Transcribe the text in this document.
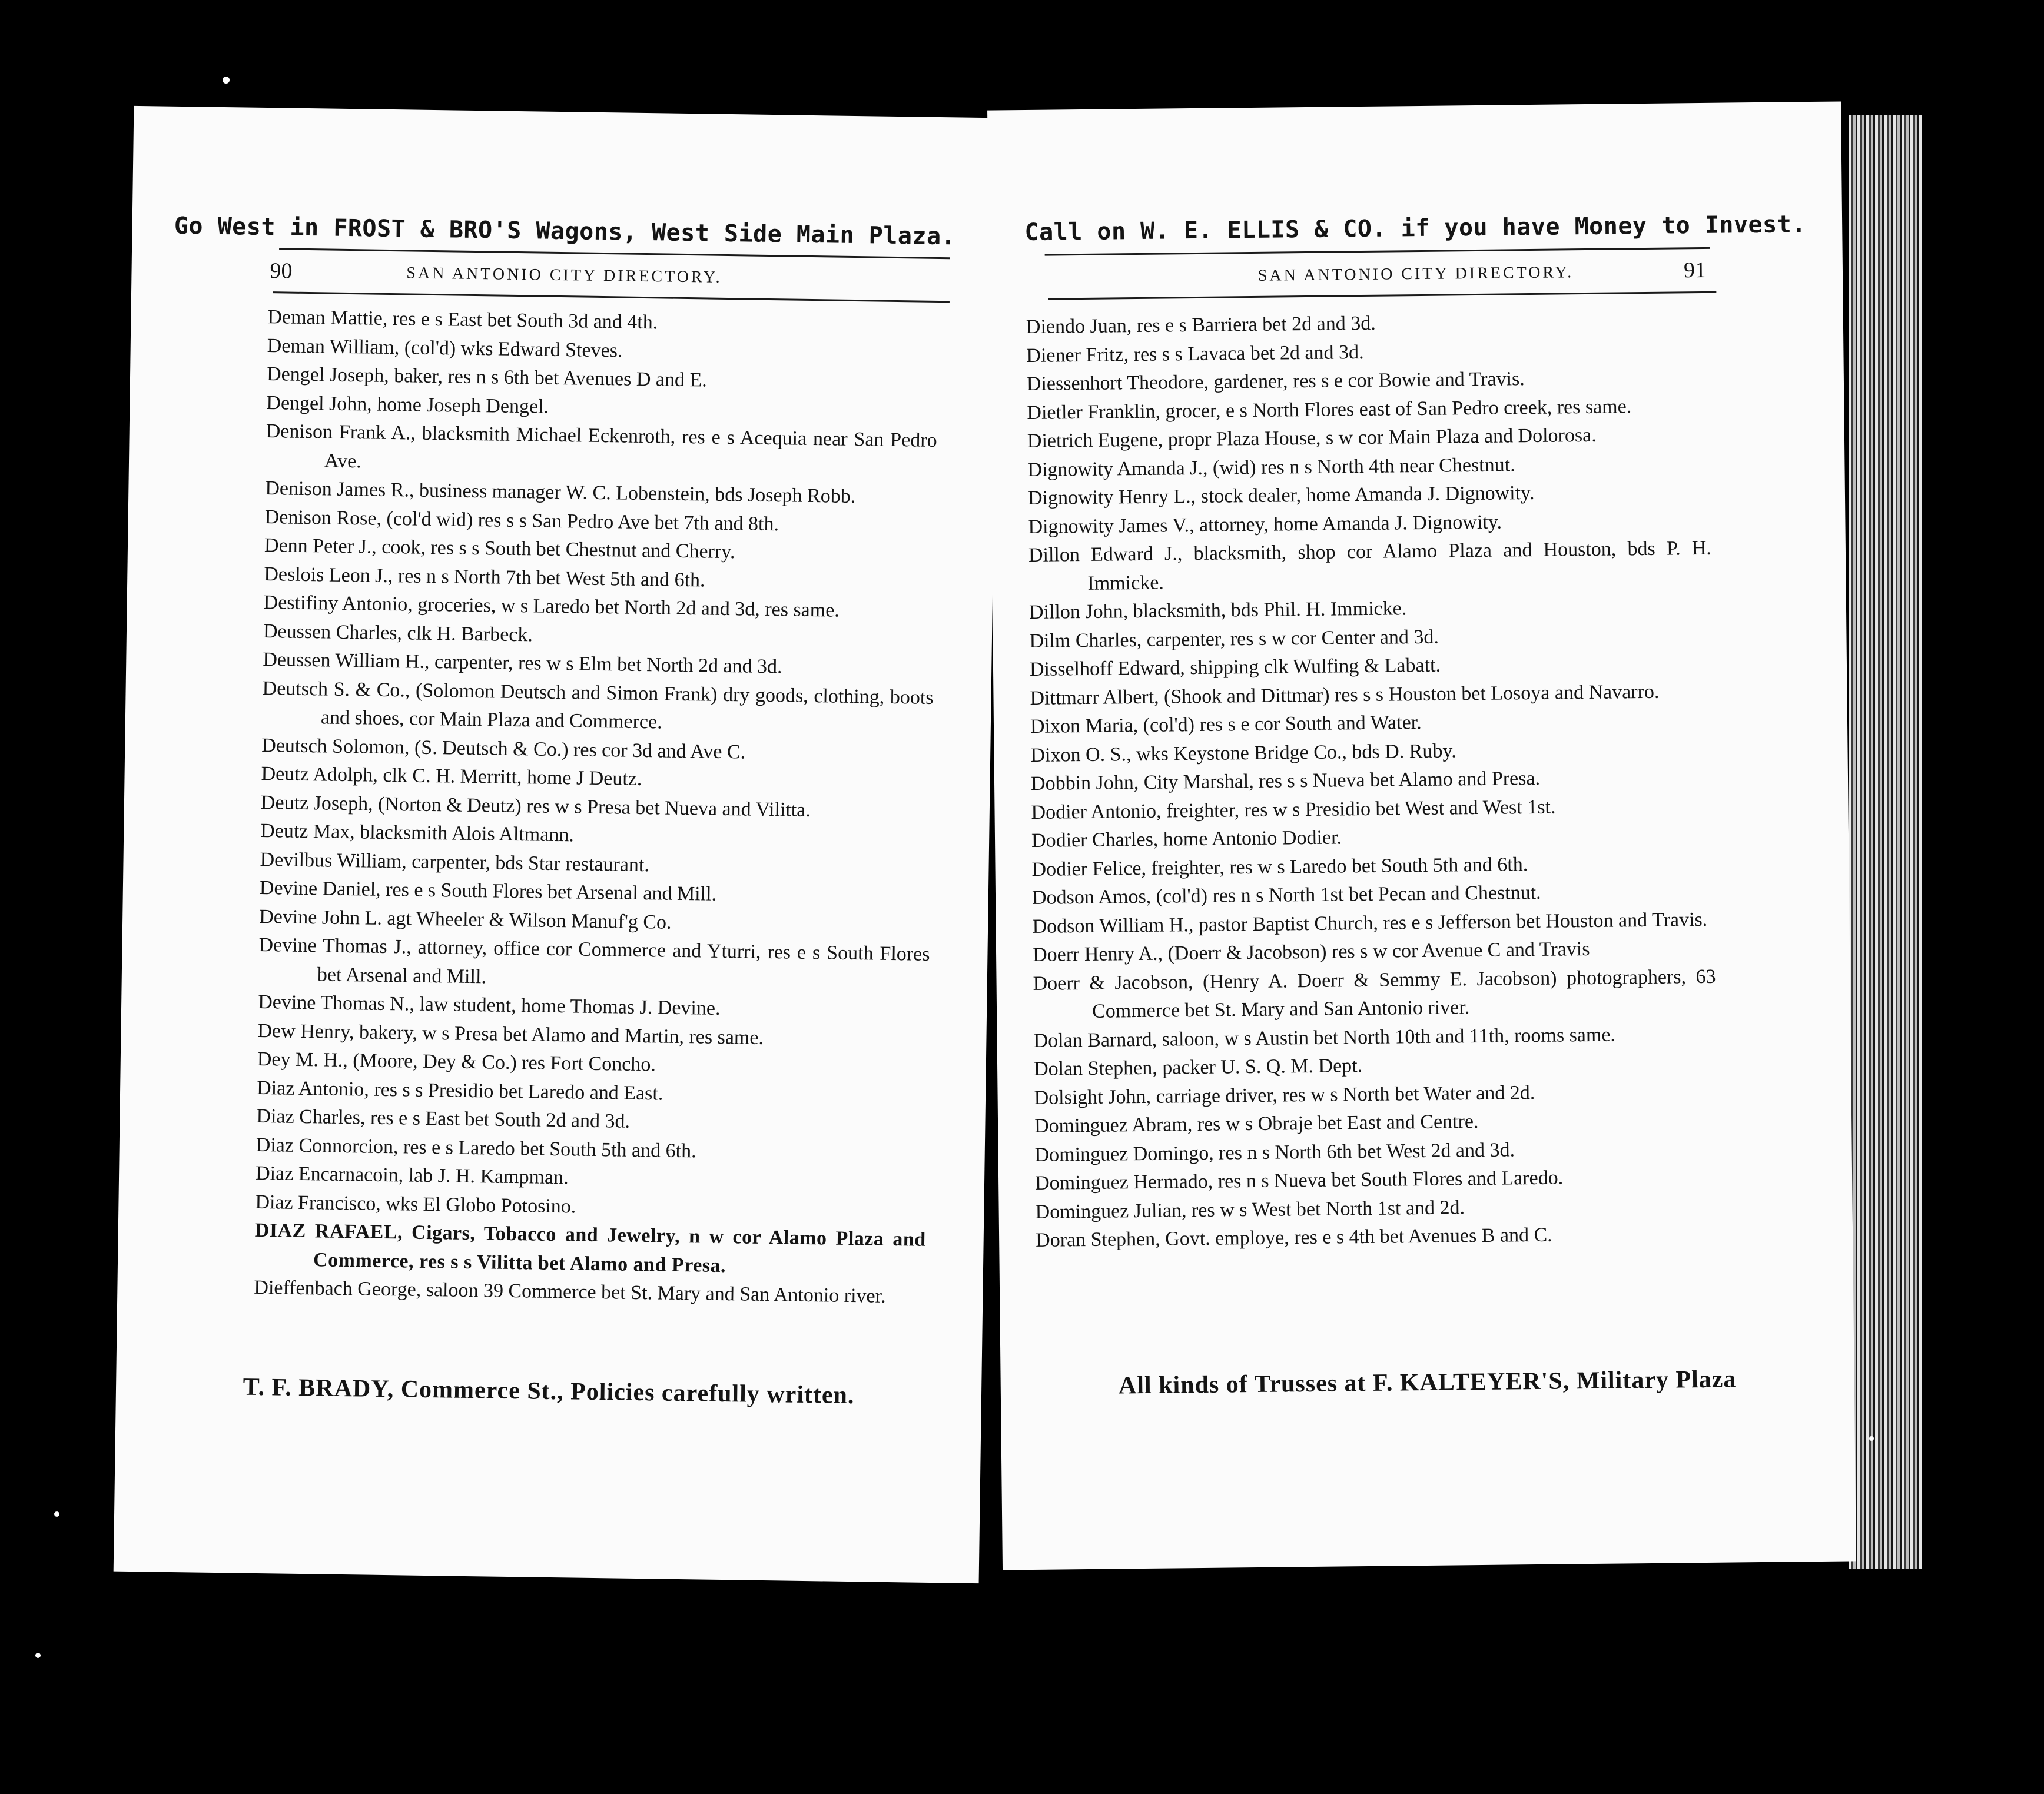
Go West in FROST & BRO'S Wagons, West Side Main Plaza.
90	SAN ANTONIO CITY DIRECTORY.
Deman Mattie, res e s East bet South 3d and 4th.
Deman William, (col'd) wks Edward Steves.
Dengel Joseph, baker, res n s 6th bet Avenues D and E.
Dengel John, home Joseph Dengel.
Denison Frank A., blacksmith Michael Eckenroth, res e s Acequia near San Pedro Ave.
Denison James R., business manager W. C. Lobenstein, bds Joseph Robb.
Denison Rose, (col'd wid) res s s San Pedro Ave bet 7th and 8th.
Denn Peter J., cook, res s s South bet Chestnut and Cherry.
Deslois Leon J., res n s North 7th bet West 5th and 6th.
Destifiny Antonio, groceries, w s Laredo bet North 2d and 3d, res same.
Deussen Charles, clk H. Barbeck.
Deussen William H., carpenter, res w s Elm bet North 2d and 3d.
Deutsch S. & Co., (Solomon Deutsch and Simon Frank) dry goods, clothing, boots and shoes, cor Main Plaza and Commerce.
Deutsch Solomon, (S. Deutsch & Co.) res cor 3d and Ave C.
Deutz Adolph, clk C. H. Merritt, home J Deutz.
Deutz Joseph, (Norton & Deutz) res w s Presa bet Nueva and Vilitta.
Deutz Max, blacksmith Alois Altmann.
Devilbus William, carpenter, bds Star restaurant.
Devine Daniel, res e s South Flores bet Arsenal and Mill.
Devine John L. agt Wheeler & Wilson Manuf'g Co.
Devine Thomas J., attorney, office cor Commerce and Yturri, res e s South Flores bet Arsenal and Mill.
Devine Thomas N., law student, home Thomas J. Devine.
Dew Henry, bakery, w s Presa bet Alamo and Martin, res same.
Dey M. H., (Moore, Dey & Co.) res Fort Concho.
Diaz Antonio, res s s Presidio bet Laredo and East.
Diaz Charles, res e s East bet South 2d and 3d.
Diaz Connorcion, res e s Laredo bet South 5th and 6th.
Diaz Encarnacoin, lab J. H. Kampman.
Diaz Francisco, wks El Globo Potosino.
DIAZ RAFAEL, Cigars, Tobacco and Jewelry, n w cor Alamo Plaza and Commerce, res s s Vilitta bet Alamo and Presa.
Dieffenbach George, saloon 39 Commerce bet St. Mary and San Antonio river.
T. F. BRADY, Commerce St., Policies carefully written.
Call on W. E. ELLIS & CO. if you have Money to Invest.
SAN ANTONIO CITY DIRECTORY.	91
Diendo Juan, res e s Barriera bet 2d and 3d.
Diener Fritz, res s s Lavaca bet 2d and 3d.
Diessenhort Theodore, gardener, res s e cor Bowie and Travis.
Dietler Franklin, grocer, e s North Flores east of San Pedro creek, res same.
Dietrich Eugene, propr Plaza House, s w cor Main Plaza and Dolorosa.
Dignowity Amanda J., (wid) res n s North 4th near Chestnut.
Dignowity Henry L., stock dealer, home Amanda J. Dignowity.
Dignowity James V., attorney, home Amanda J. Dignowity.
Dillon Edward J., blacksmith, shop cor Alamo Plaza and Houston, bds P. H. Immicke.
Dillon John, blacksmith, bds Phil. H. Immicke.
Dilm Charles, carpenter, res s w cor Center and 3d.
Disselhoff Edward, shipping clk Wulfing & Labatt.
Dittmarr Albert, (Shook and Dittmar) res s s Houston bet Losoya and Navarro.
Dixon Maria, (col'd) res s e cor South and Water.
Dixon O. S., wks Keystone Bridge Co., bds D. Ruby.
Dobbin John, City Marshal, res s s Nueva bet Alamo and Presa.
Dodier Antonio, freighter, res w s Presidio bet West and West 1st.
Dodier Charles, home Antonio Dodier.
Dodier Felice, freighter, res w s Laredo bet South 5th and 6th.
Dodson Amos, (col'd) res n s North 1st bet Pecan and Chestnut.
Dodson William H., pastor Baptist Church, res e s Jefferson bet Houston and Travis.
Doerr Henry A., (Doerr & Jacobson) res s w cor Avenue C and Travis
Doerr & Jacobson, (Henry A. Doerr & Semmy E. Jacobson) photographers, 63 Commerce bet St. Mary and San Antonio river.
Dolan Barnard, saloon, w s Austin bet North 10th and 11th, rooms same.
Dolan Stephen, packer U. S. Q. M. Dept.
Dolsight John, carriage driver, res w s North bet Water and 2d.
Dominguez Abram, res w s Obraje bet East and Centre.
Dominguez Domingo, res n s North 6th bet West 2d and 3d.
Dominguez Hermado, res n s Nueva bet South Flores and Laredo.
Dominguez Julian, res w s West bet North 1st and 2d.
Doran Stephen, Govt. employe, res e s 4th bet Avenues B and C.
All kinds of Trusses at F. KALTEYER'S, Military Plaza
